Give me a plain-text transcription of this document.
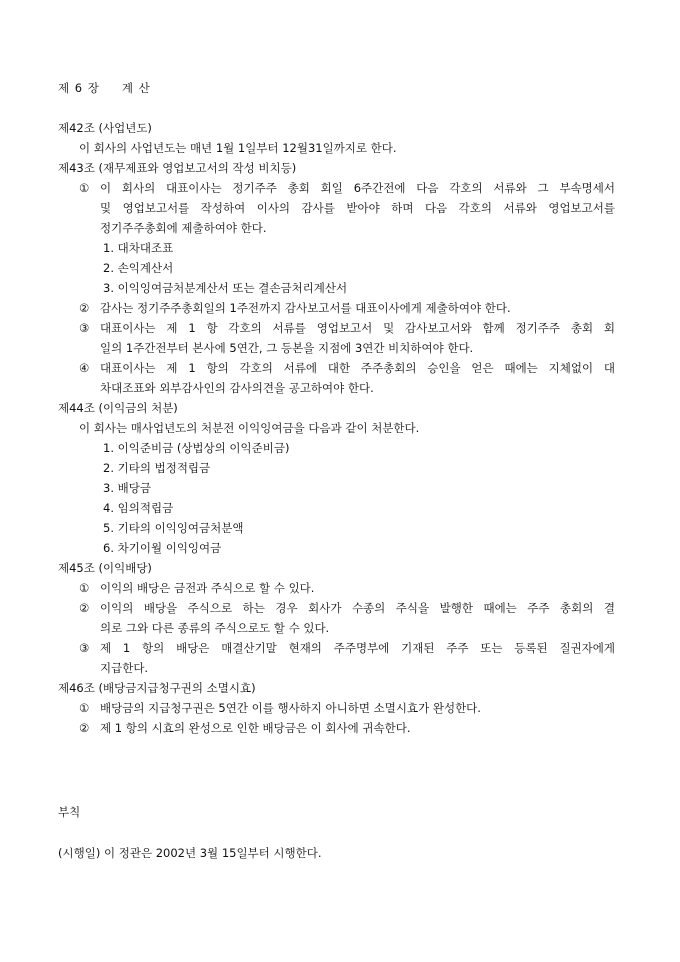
제 6 장 계 산
제42조 (사업년도)
이 회사의 사업년도는 매년 1월 1일부터 12월31일까지로 한다.
제43조 (재무제표와 영업보고서의 작성 비치등)
① 이 회사의 대표이사는 정기주주 총회 회일 6주간전에 다음 각호의 서류와 그 부속명세서
및 영업보고서를 작성하여 이사의 감사를 받아야 하며 다음 각호의 서류와 영업보고서를
정기주주총회에 제출하여야 한다.
1. 대차대조표
2. 손익계산서
3. 이익잉여금처분계산서 또는 결손금처리계산서
② 감사는 정기주주총회일의 1주전까지 감사보고서를 대표이사에게 제출하여야 한다.
③ 대표이사는 제 1 항 각호의 서류를 영업보고서 및 감사보고서와 함께 정기주주 총회 회
일의 1주간전부터 본사에 5연간, 그 등본을 지점에 3연간 비치하여야 한다.
④ 대표이사는 제 1 항의 각호의 서류에 대한 주주총회의 승인을 얻은 때에는 지체없이 대
차대조표와 외부감사인의 감사의견을 공고하여야 한다.
제44조 (이익금의 처분)
이 회사는 매사업년도의 처분전 이익잉여금을 다음과 같이 처분한다.
1. 이익준비금 (상법상의 이익준비금)
2. 기타의 법정적립금
3. 배당금
4. 임의적립금
5. 기타의 이익잉여금처분액
6. 차기이월 이익잉여금
제45조 (이익배당)
① 이익의 배당은 금전과 주식으로 할 수 있다.
② 이익의 배당을 주식으로 하는 경우 회사가 수종의 주식을 발행한 때에는 주주 총회의 결
의로 그와 다른 종류의 주식으로도 할 수 있다.
③ 제 1 항의 배당은 매결산기말 현재의 주주명부에 기재된 주주 또는 등록된 질권자에게
지급한다.
제46조 (배당금지급청구권의 소멸시효)
① 배당금의 지급청구권은 5연간 이를 행사하지 아니하면 소멸시효가 완성한다.
② 제 1 항의 시효의 완성으로 인한 배당금은 이 회사에 귀속한다.
부칙
(시행일) 이 정관은 2002년 3월 15일부터 시행한다.
